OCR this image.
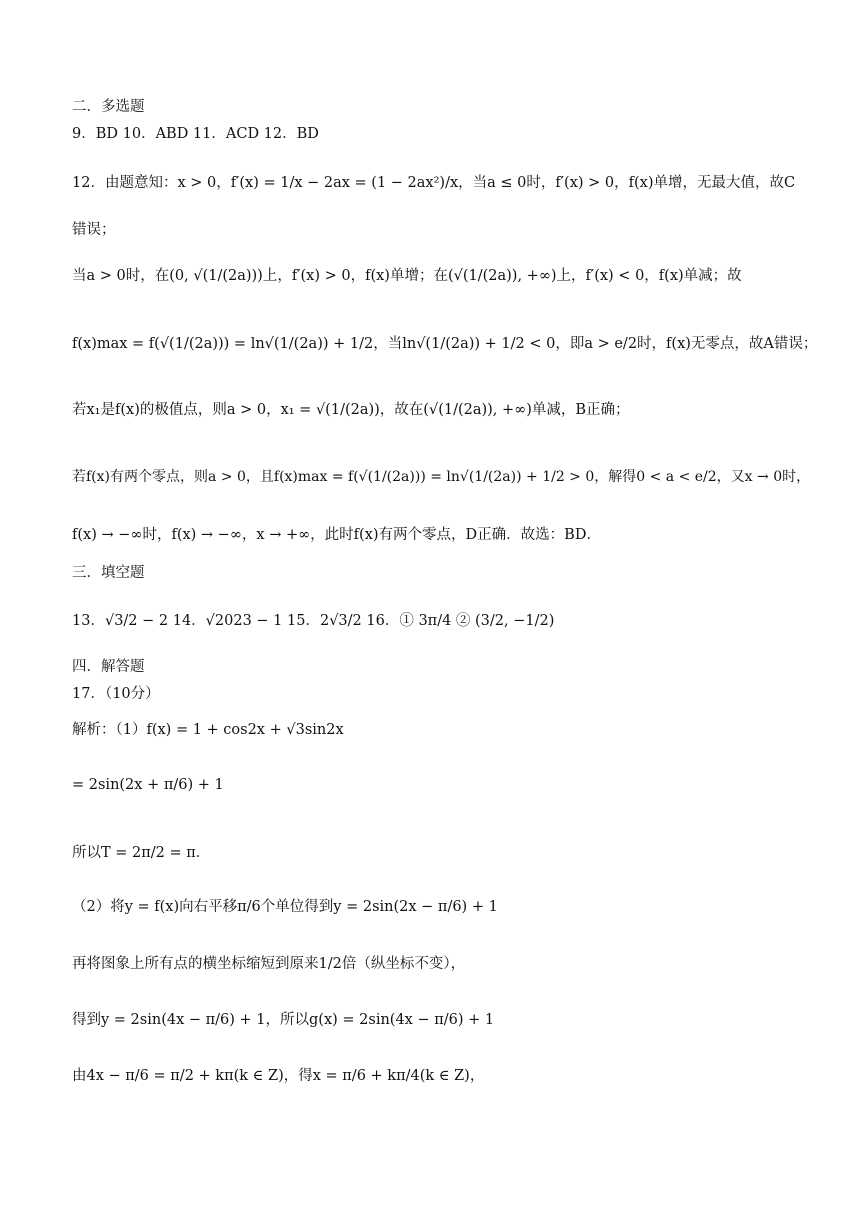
二．多选题
9．BD 10．ABD 11．ACD 12．BD
12．由题意知：x > 0，f′(x) = 1/x − 2ax = (1 − 2ax²)/x，当a ≤ 0时，f′(x) > 0，f(x)单增，无最大值，故C
错误；
当a > 0时，在(0, √(1/(2a)))上，f′(x) > 0，f(x)单增；在(√(1/(2a)), +∞)上，f′(x) < 0，f(x)单减；故
f(x)max = f(√(1/(2a))) = ln√(1/(2a)) + 1/2，当ln√(1/(2a)) + 1/2 < 0，即a > e/2时，f(x)无零点，故A错误；
若x₁是f(x)的极值点，则a > 0，x₁ = √(1/(2a))，故在(√(1/(2a)), +∞)单减，B正确；
若f(x)有两个零点，则a > 0，且f(x)max = f(√(1/(2a))) = ln√(1/(2a)) + 1/2 > 0，解得0 < a < e/2，又x → 0时，
f(x) → −∞时，f(x) → −∞，x → +∞，此时f(x)有两个零点，D正确．故选：BD．
三．填空题
13．√3/2 − 2 14．√2023 − 1 15．2√3/2 16．① 3π/4 ② (3/2, −1/2)
四．解答题
17．（10分）
解析：（1）f(x) = 1 + cos2x + √3sin2x
= 2sin(2x + π/6) + 1
所以T = 2π/2 = π．
（2）将y = f(x)向右平移π/6个单位得到y = 2sin(2x − π/6) + 1
再将图象上所有点的横坐标缩短到原来1/2倍（纵坐标不变），
得到y = 2sin(4x − π/6) + 1，所以g(x) = 2sin(4x − π/6) + 1
由4x − π/6 = π/2 + kπ(k ∈ Z)，得x = π/6 + kπ/4(k ∈ Z)，
